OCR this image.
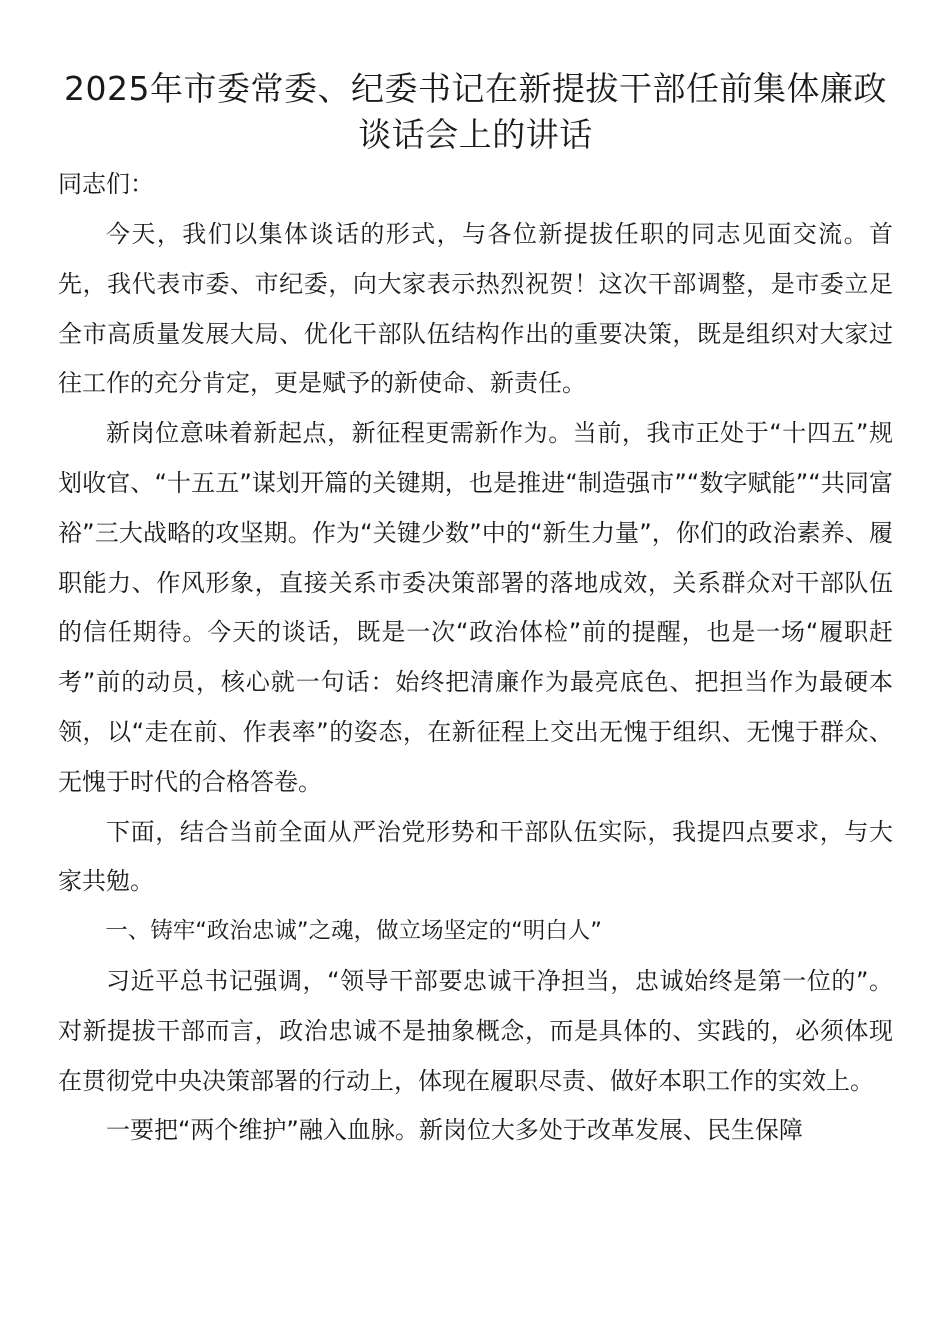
2025年市委常委、纪委书记在新提拔干部任前集体廉政谈话会上的讲话

同志们：

今天，我们以集体谈话的形式，与各位新提拔任职的同志见面交流。首先，我代表市委、市纪委，向大家表示热烈祝贺！这次干部调整，是市委立足全市高质量发展大局、优化干部队伍结构作出的重要决策，既是组织对大家过往工作的充分肯定，更是赋予的新使命、新责任。

新岗位意味着新起点，新征程更需新作为。当前，我市正处于“十四五”规划收官、“十五五”谋划开篇的关键期，也是推进“制造强市”“数字赋能”“共同富裕”三大战略的攻坚期。作为“关键少数”中的“新生力量”，你们的政治素养、履职能力、作风形象，直接关系市委决策部署的落地成效，关系群众对干部队伍的信任期待。今天的谈话，既是一次“政治体检”前的提醒，也是一场“履职赶考”前的动员，核心就一句话：始终把清廉作为最亮底色、把担当作为最硬本领，以“走在前、作表率”的姿态，在新征程上交出无愧于组织、无愧于群众、无愧于时代的合格答卷。

下面，结合当前全面从严治党形势和干部队伍实际，我提四点要求，与大家共勉。

一、铸牢“政治忠诚”之魂，做立场坚定的“明白人”

习近平总书记强调，“领导干部要忠诚干净担当，忠诚始终是第一位的”。对新提拔干部而言，政治忠诚不是抽象概念，而是具体的、实践的，必须体现在贯彻党中央决策部署的行动上，体现在履职尽责、做好本职工作的实效上。

一要把“两个维护”融入血脉。新岗位大多处于改革发展、民生保障
